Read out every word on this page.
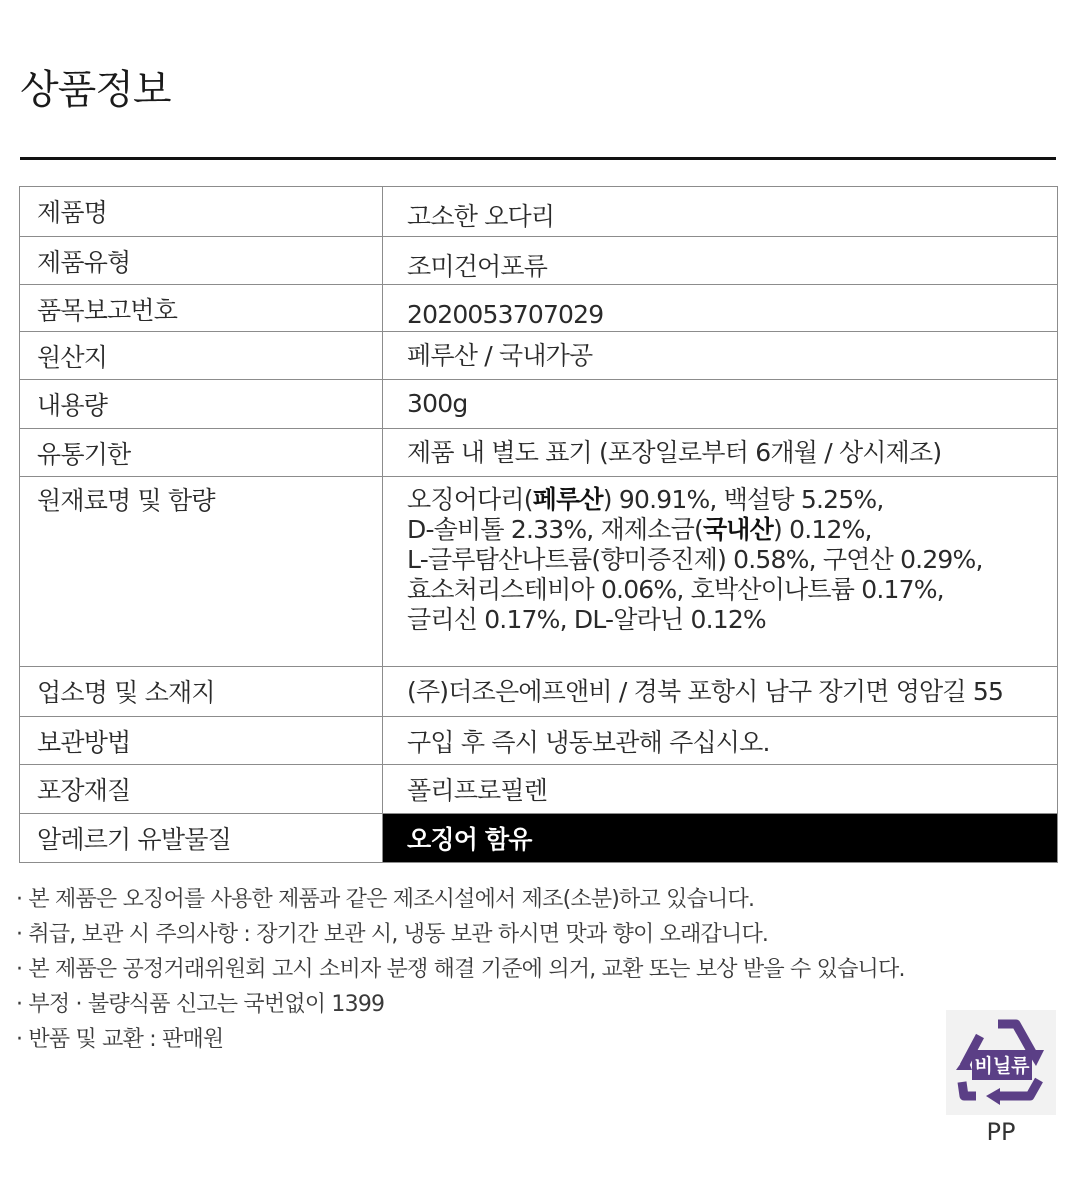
상품정보
제품명	고소한 오다리

제품유형	조미건어포류

품목보고번호	2020053707029

원산지	페루산 / 국내가공

내용량	300g

유통기한	제품 내 별도 표기 (포장일로부터 6개월 / 상시제조)

원재료명 및 함량	오징어다리(페루산) 90.91%, 백설탕 5.25%,
D-솔비톨 2.33%, 재제소금(국내산) 0.12%,
L-글루탐산나트륨(향미증진제) 0.58%, 구연산 0.29%,
효소처리스테비아 0.06%, 호박산이나트륨 0.17%,
글리신 0.17%, DL-알라닌 0.12%

업소명 및 소재지	(주)더조은에프앤비 / 경북 포항시 남구 장기면 영암길 55

보관방법	구입 후 즉시 냉동보관해 주십시오.

포장재질	폴리프로필렌

알레르기 유발물질	오징어 함유
· 본 제품은 오징어를 사용한 제품과 같은 제조시설에서 제조(소분)하고 있습니다.
· 취급, 보관 시 주의사항 : 장기간 보관 시, 냉동 보관 하시면 맛과 향이 오래갑니다.
· 본 제품은 공정거래위원회 고시 소비자 분쟁 해결 기준에 의거, 교환 또는 보상 받을 수 있습니다.
· 부정 · 불량식품 신고는 국번없이 1399
· 반품 및 교환 : 판매원
비닐류
PP
